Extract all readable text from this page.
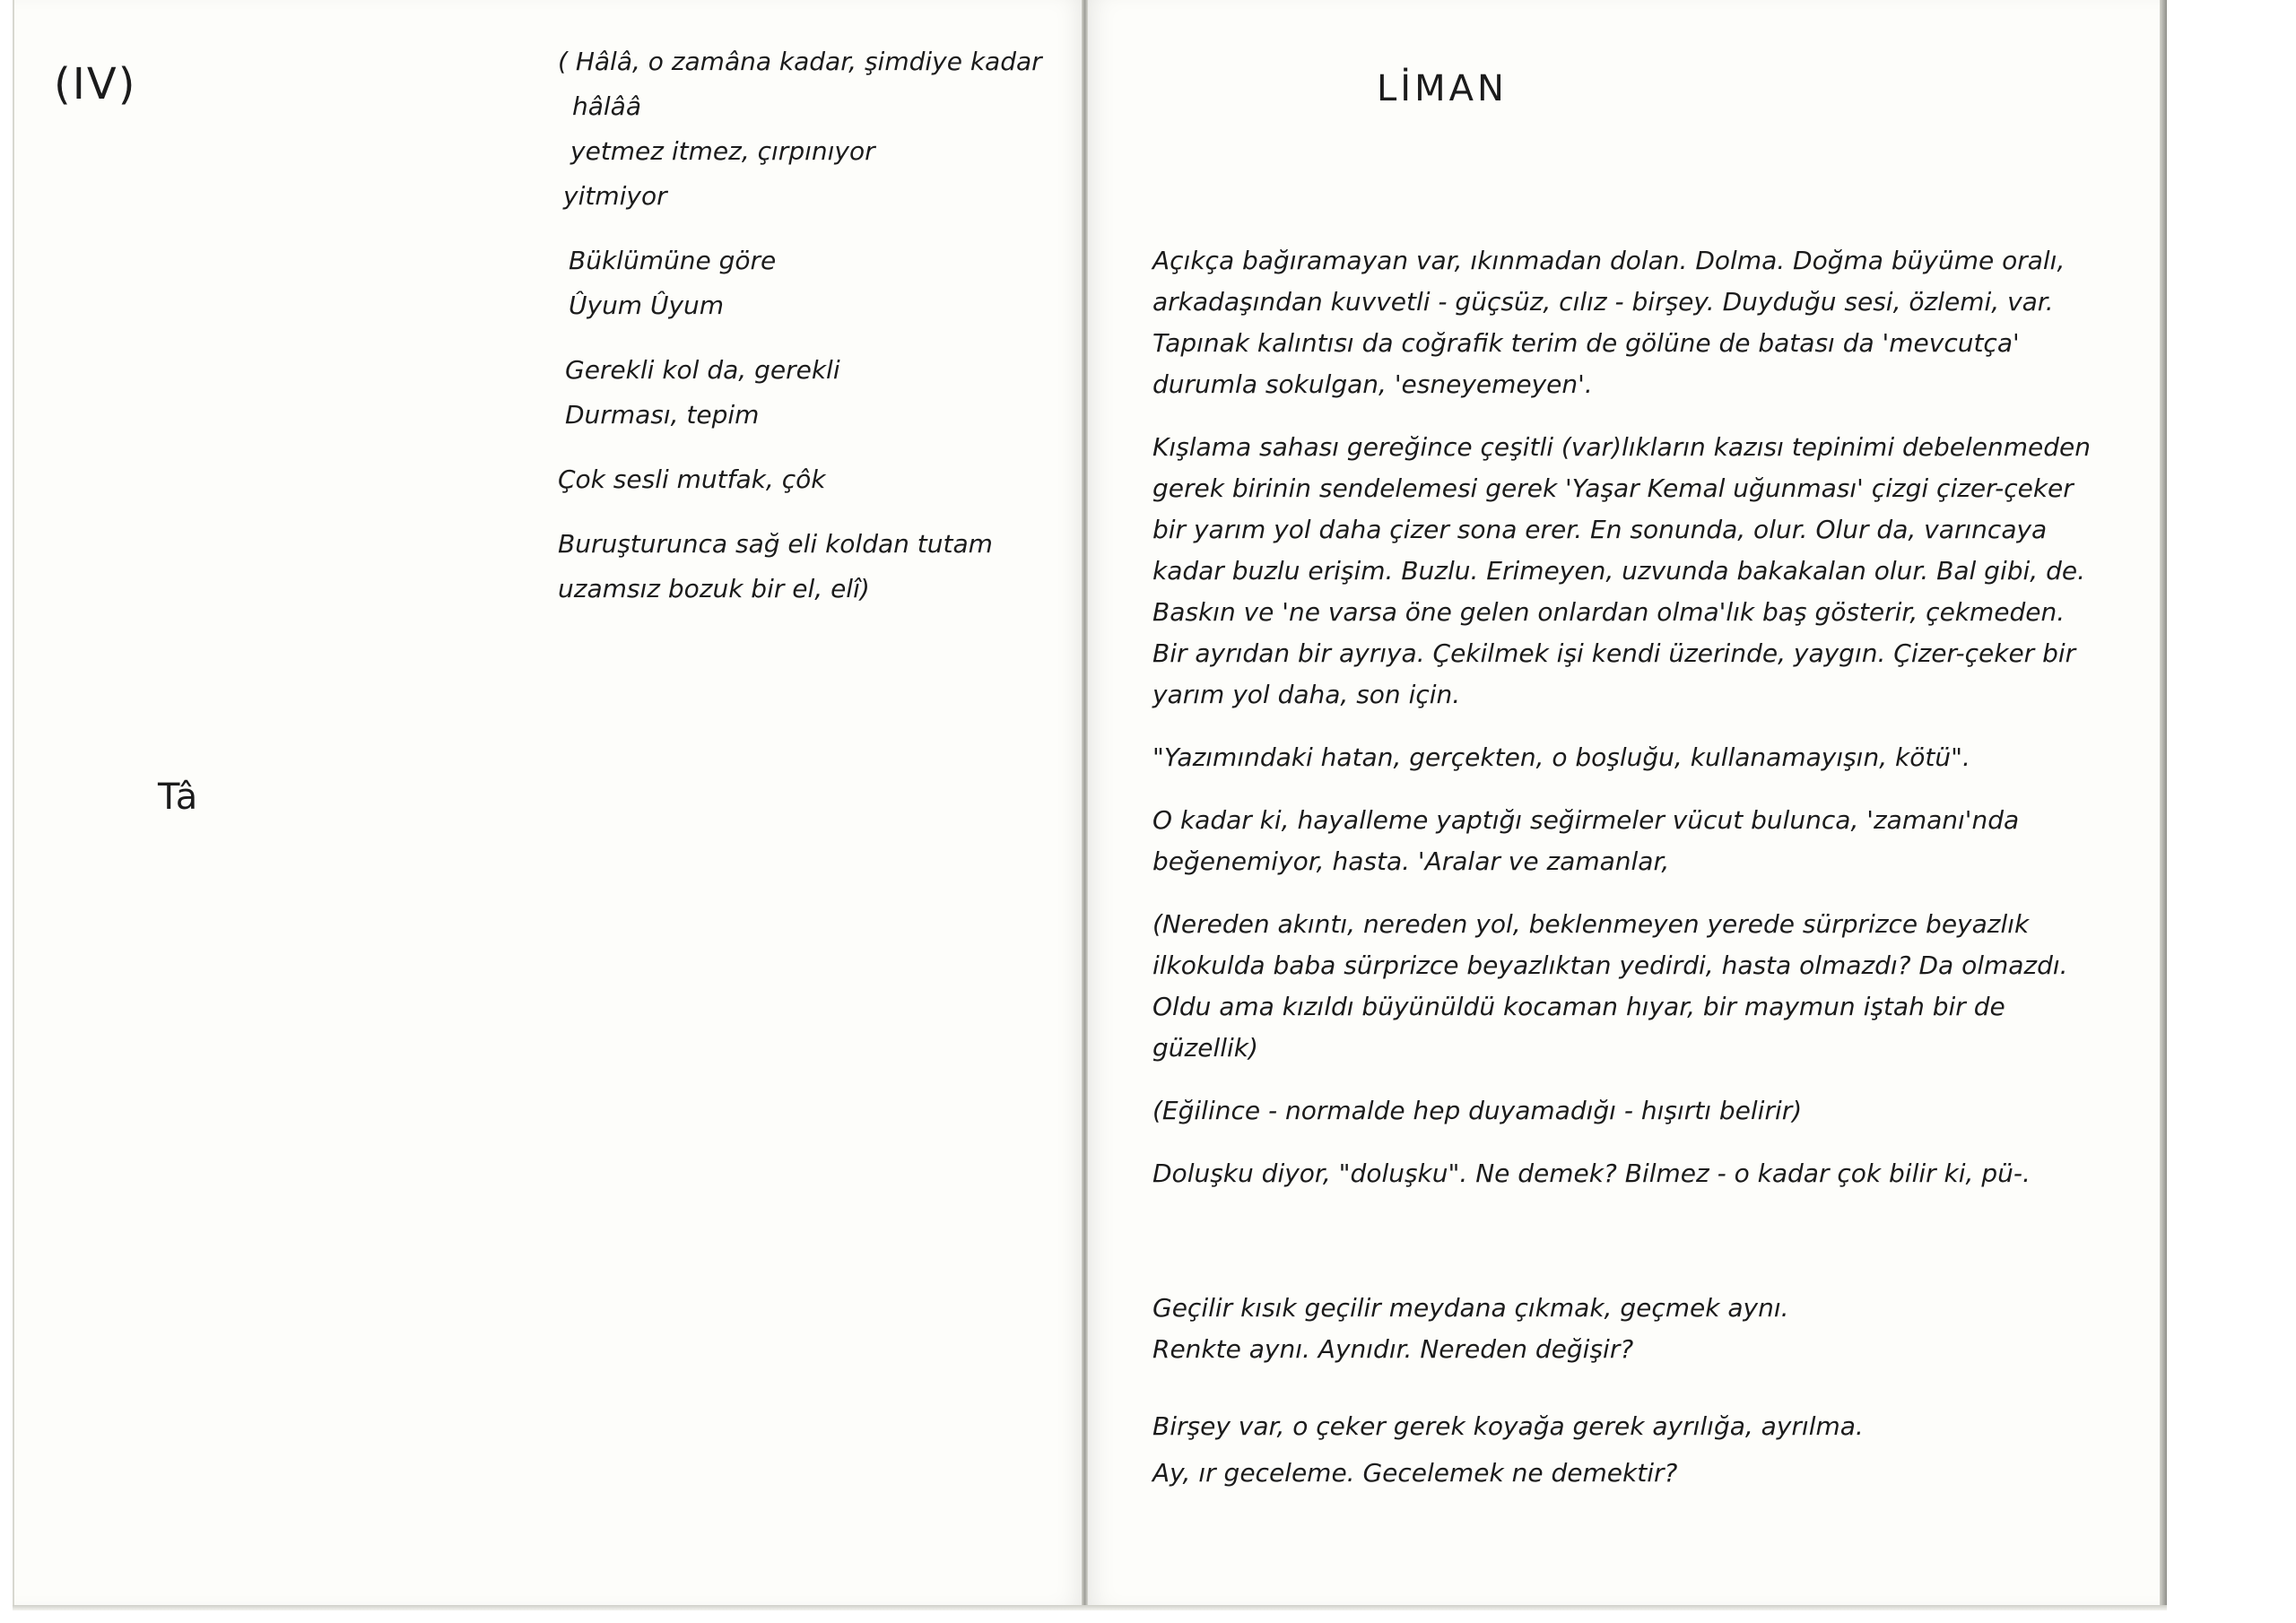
(IV)	( Hâlâ, o zamâna kadar, şimdiye kadar
hâlââ
yetmez itmez, çırpınıyor
yitmiyor
Büklümüne göre
Ûyum Ûyum
Gerekli kol da, gerekli
Durması, tepim
Çok sesli mutfak, çôk
Buruşturunca sağ eli koldan tutam
uzamsız bozuk bir el, elî)
Tâ
LİMAN

Açıkça bağıramayan var, ıkınmadan dolan. Dolma. Doğma büyüme oralı, arkadaşından kuvvetli - güçsüz, cılız - birşey. Duyduğu sesi, özlemi, var. Tapınak kalıntısı da coğrafik terim de gölüne de batası da 'mevcutça' durumla sokulgan, 'esneyemeyen'.

Kışlama sahası gereğince çeşitli (var)lıkların kazısı tepinimi debelenmeden gerek birinin sendelemesi gerek 'Yaşar Kemal uğunması' çizgi çizer-çeker bir yarım yol daha çizer sona erer. En sonunda, olur. Olur da, varıncaya kadar buzlu erişim. Buzlu. Erimeyen, uzvunda bakakalan olur. Bal gibi, de. Baskın ve 'ne varsa öne gelen onlardan olma'lık baş gösterir, çekmeden. Bir ayrıdan bir ayrıya. Çekilmek işi kendi üzerinde, yaygın. Çizer-çeker bir yarım yol daha, son için.

"Yazımındaki hatan, gerçekten, o boşluğu, kullanamayışın, kötü".

O kadar ki, hayalleme yaptığı seğirmeler vücut bulunca, 'zamanı'nda beğenemiyor, hasta. 'Aralar ve zamanlar,

(Nereden akıntı, nereden yol, beklenmeyen yerede sürprizce beyazlık ilkokulda baba sürprizce beyazlıktan yedirdi, hasta olmazdı? Da olmazdı. Oldu ama kızıldı büyünüldü kocaman hıyar, bir maymun iştah bir de güzellik)

(Eğilince - normalde hep duyamadığı - hışırtı belirir)

Doluşku diyor, "doluşku". Ne demek? Bilmez - o kadar çok bilir ki, pü-.

Geçilir kısık geçilir meydana çıkmak, geçmek aynı.

Renkte aynı. Aynıdır. Nereden değişir?

Birşey var, o çeker gerek koyağa gerek ayrılığa, ayrılma.

Ay, ır geceleme. Gecelemek ne demektir?
